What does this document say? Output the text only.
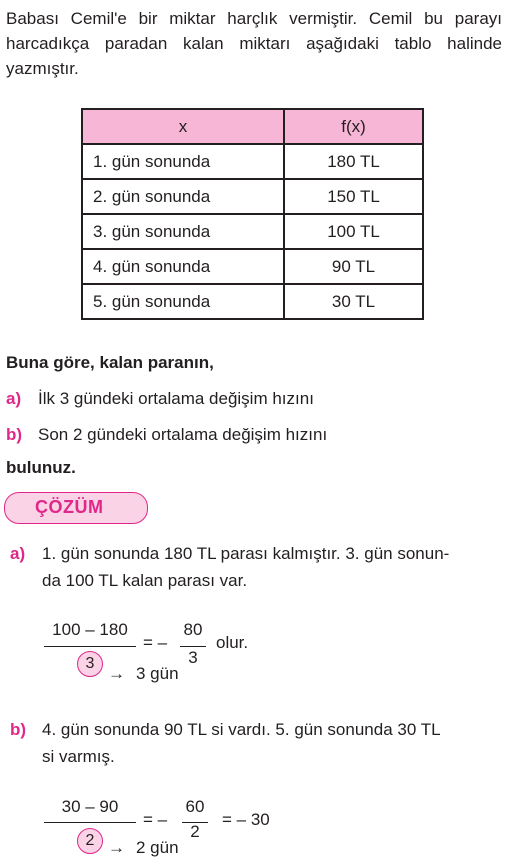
Babası Cemil'e bir miktar harçlık vermiştir. Cemil bu parayı harcadıkça paradan kalan miktarı aşağıdaki tablo halinde yazmıştır.
x	f(x)
1. gün sonunda	180 TL
2. gün sonunda	150 TL
3. gün sonunda	100 TL
4. gün sonunda	90 TL
5. gün sonunda	30 TL
Buna göre, kalan paranın,
a) İlk 3 gündeki ortalama değişim hızını
b) Son 2 gündeki ortalama değişim hızını
bulunuz.
ÇÖZÜM
a) 1. gün sonunda 180 TL parası kalmıştır. 3. gün sonun-
da 100 TL kalan parası var.
100 – 180
3
→ 3 gün
= –
80
3
olur.
b) 4. gün sonunda 90 TL si vardı. 5. gün sonunda 30 TL
si varmış.
30 – 90
2 → 2 gün
= –
60
2
= – 30
